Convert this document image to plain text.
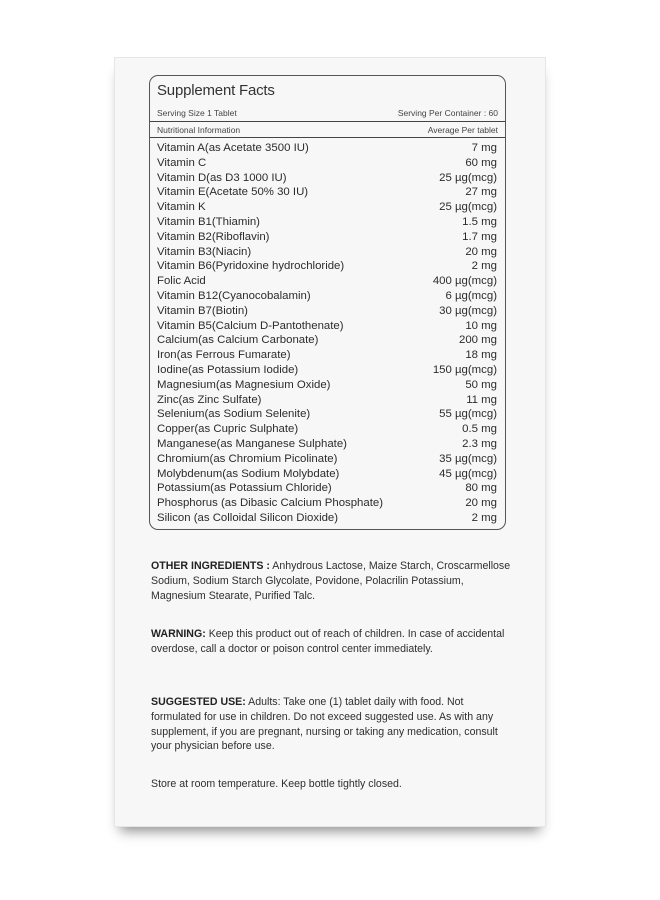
Supplement Facts
Serving Size 1 Tablet	Serving Per Container : 60
Nutritional Information	Average Per tablet
Vitamin A(as Acetate 3500 IU)	7 mg
Vitamin C	60 mg
Vitamin D(as D3 1000 IU)	25 µg(mcg)
Vitamin E(Acetate 50% 30 IU)	27 mg
Vitamin K	25 µg(mcg)
Vitamin B1(Thiamin)	1.5 mg
Vitamin B2(Riboflavin)	1.7 mg
Vitamin B3(Niacin)	20 mg
Vitamin B6(Pyridoxine hydrochloride)	2 mg
Folic Acid	400 µg(mcg)
Vitamin B12(Cyanocobalamin)	6 µg(mcg)
Vitamin B7(Biotin)	30 µg(mcg)
Vitamin B5(Calcium D-Pantothenate)	10 mg
Calcium(as Calcium Carbonate)	200 mg
Iron(as Ferrous Fumarate)	18 mg
Iodine(as Potassium Iodide)	150 µg(mcg)
Magnesium(as Magnesium Oxide)	50 mg
Zinc(as Zinc Sulfate)	11 mg
Selenium(as Sodium Selenite)	55 µg(mcg)
Copper(as Cupric Sulphate)	0.5 mg
Manganese(as Manganese Sulphate)	2.3 mg
Chromium(as Chromium Picolinate)	35 µg(mcg)
Molybdenum(as Sodium Molybdate)	45 µg(mcg)
Potassium(as Potassium Chloride)	80 mg
Phosphorus (as Dibasic Calcium Phosphate)	20 mg
Silicon (as Colloidal Silicon Dioxide)	2 mg
OTHER INGREDIENTS : Anhydrous Lactose, Maize Starch, Croscarmellose Sodium, Sodium Starch Glycolate, Povidone, Polacrilin Potassium, Magnesium Stearate, Purified Talc.
WARNING: Keep this product out of reach of children. In case of accidental overdose, call a doctor or poison control center immediately.
SUGGESTED USE: Adults: Take one (1) tablet daily with food. Not formulated for use in children. Do not exceed suggested use. As with any supplement, if you are pregnant, nursing or taking any medication, consult your physician before use.
Store at room temperature. Keep bottle tightly closed.
